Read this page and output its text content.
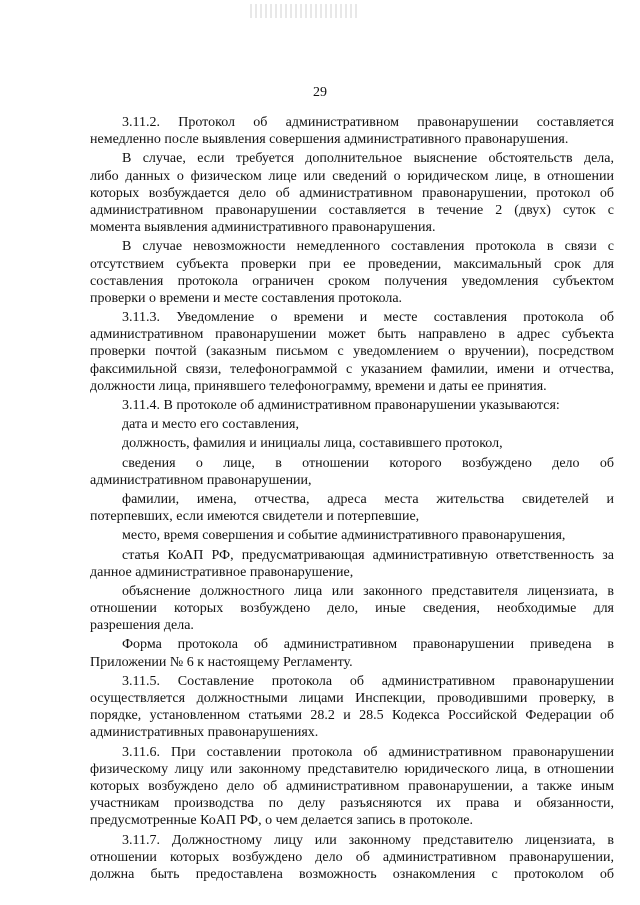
29
3.11.2. Протокол об административном правонарушении составляется
немедленно после выявления совершения административного правонарушения.
В случае, если требуется дополнительное выяснение обстоятельств дела,
либо данных о физическом лице или сведений о юридическом лице, в отношении
которых возбуждается дело об административном правонарушении, протокол об
административном правонарушении составляется в течение 2 (двух) суток с
момента выявления административного правонарушения.
В случае невозможности немедленного составления протокола в связи с
отсутствием субъекта проверки при ее проведении, максимальный срок для
составления протокола ограничен сроком получения уведомления субъектом
проверки о времени и месте составления протокола.
3.11.3. Уведомление о времени и месте составления протокола об
административном правонарушении может быть направлено в адрес субъекта
проверки почтой (заказным письмом с уведомлением о вручении), посредством
факсимильной связи, телефонограммой с указанием фамилии, имени и отчества,
должности лица, принявшего телефонограмму, времени и даты ее принятия.
3.11.4. В протоколе об административном правонарушении указываются:
дата и место его составления,
должность, фамилия и инициалы лица, составившего протокол,
сведения о лице, в отношении которого возбуждено дело об
административном правонарушении,
фамилии, имена, отчества, адреса места жительства свидетелей и
потерпевших, если имеются свидетели и потерпевшие,
место, время совершения и событие административного правонарушения,
статья КоАП РФ, предусматривающая административную ответственность за
данное административное правонарушение,
объяснение должностного лица или законного представителя лицензиата, в
отношении которых возбуждено дело, иные сведения, необходимые для
разрешения дела.
Форма протокола об административном правонарушении приведена в
Приложении № 6 к настоящему Регламенту.
3.11.5. Составление протокола об административном правонарушении
осуществляется должностными лицами Инспекции, проводившими проверку, в
порядке, установленном статьями 28.2 и 28.5 Кодекса Российской Федерации об
административных правонарушениях.
3.11.6. При составлении протокола об административном правонарушении
физическому лицу или законному представителю юридического лица, в отношении
которых возбуждено дело об административном правонарушении, а также иным
участникам производства по делу разъясняются их права и обязанности,
предусмотренные КоАП РФ, о чем делается запись в протоколе.
3.11.7. Должностному лицу или законному представителю лицензиата, в
отношении которых возбуждено дело об административном правонарушении,
должна быть предоставлена возможность ознакомления с протоколом об
